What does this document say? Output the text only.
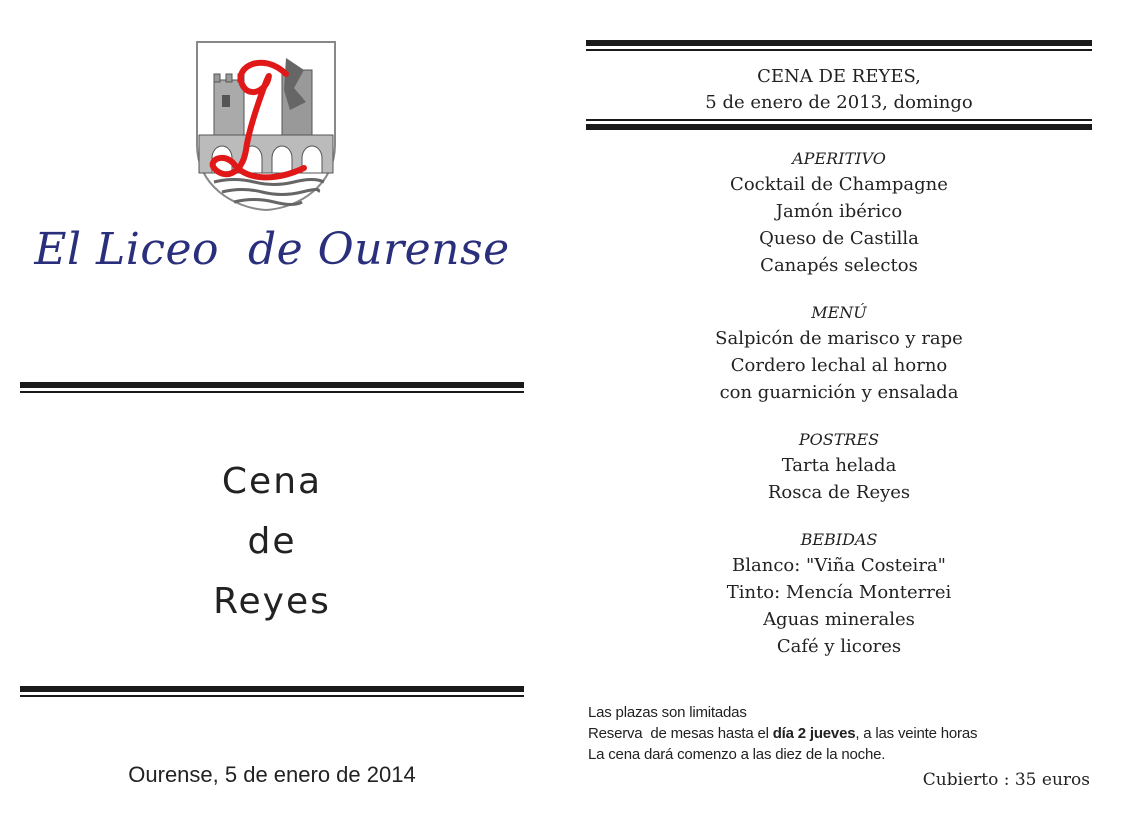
El Liceo  de Ourense
Cena
de
Reyes
Ourense, 5 de enero de 2014
CENA DE REYES,
5 de enero de 2013, domingo
APERITIVO
Cocktail de Champagne
Jamón ibérico
Queso de Castilla
Canapés selectos
MENÚ
Salpicón de marisco y rape
Cordero lechal al horno
con guarnición y ensalada
POSTRES
Tarta helada
Rosca de Reyes
BEBIDAS
Blanco: "Viña Costeira"
Tinto: Mencía Monterrei
Aguas minerales
Café y licores
Las plazas son limitadas
Reserva  de mesas hasta el día 2 jueves, a las veinte horas
La cena dará comenzo a las diez de la noche.
Cubierto : 35 euros
